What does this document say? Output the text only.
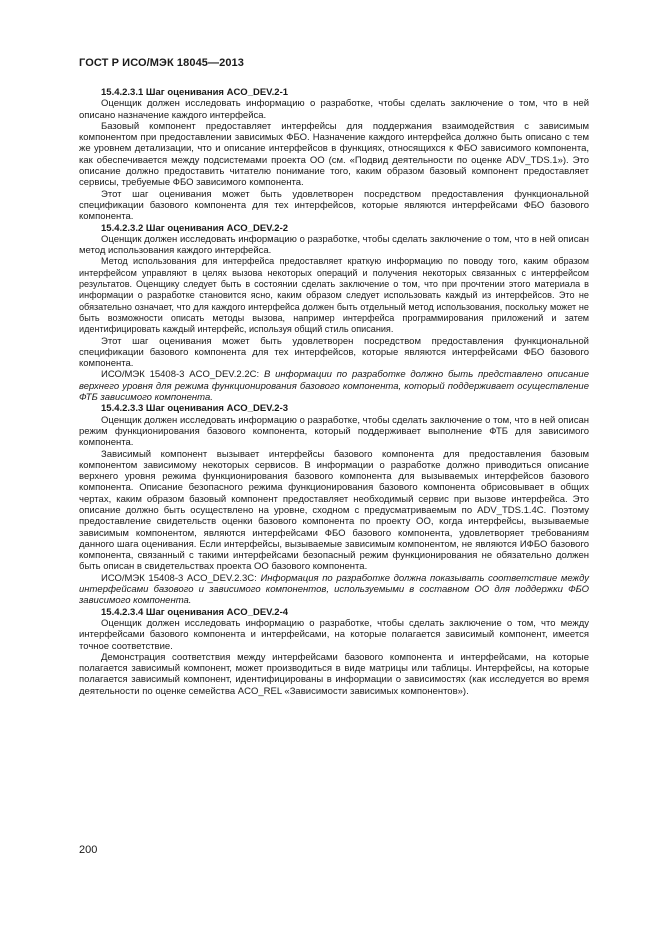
ГОСТ Р ИСО/МЭК 18045—2013

15.4.2.3.1 Шаг оценивания ACO_DEV.2-1

Оценщик должен исследовать информацию о разработке, чтобы сделать заключение о том, что в ней описано назначение каждого интерфейса.

Базовый компонент предоставляет интерфейсы для поддержания взаимодействия с зависимым компонентом при предоставлении зависимых ФБО. Назначение каждого интерфейса должно быть описано с тем же уровнем детализации, что и описание интерфейсов в функциях, относящихся к ФБО зависимого компонента, как обеспечивается между подсистемами проекта ОО (см. «Подвид деятельности по оценке ADV_TDS.1»). Это описание должно предоставить читателю понимание того, каким образом базовый компонент предоставляет сервисы, требуемые ФБО зависимого компонента.

Этот шаг оценивания может быть удовлетворен посредством предоставления функциональной спецификации базового компонента для тех интерфейсов, которые являются интерфейсами ФБО базового компонента.

15.4.2.3.2 Шаг оценивания ACO_DEV.2-2

Оценщик должен исследовать информацию о разработке, чтобы сделать заключение о том, что в ней описан метод использования каждого интерфейса.

Метод использования для интерфейса предоставляет краткую информацию по поводу того, каким образом интерфейсом управляют в целях вызова некоторых операций и получения некоторых связанных с интерфейсом результатов. Оценщику следует быть в состоянии сделать заключение о том, что при прочтении этого материала в информации о разработке становится ясно, каким образом следует использовать каждый из интерфейсов. Это не обязательно означает, что для каждого интерфейса должен быть отдельный метод использования, поскольку может не быть возможности описать методы вызова, например интерфейса программирования приложений и затем идентифицировать каждый интерфейс, используя общий стиль описания.

Этот шаг оценивания может быть удовлетворен посредством предоставления функциональной спецификации базового компонента для тех интерфейсов, которые являются интерфейсами ФБО базового компонента.

ИСО/МЭК 15408-3 ACO_DEV.2.2C: В информации по разработке должно быть представлено описание верхнего уровня для режима функционирования базового компонента, который поддерживает осуществление ФТБ зависимого компонента.

15.4.2.3.3 Шаг оценивания ACO_DEV.2-3

Оценщик должен исследовать информацию о разработке, чтобы сделать заключение о том, что в ней описан режим функционирования базового компонента, который поддерживает выполнение ФТБ для зависимого компонента.

Зависимый компонент вызывает интерфейсы базового компонента для предоставления базовым компонентом зависимому некоторых сервисов. В информации о разработке должно приводиться описание верхнего уровня режима функционирования базового компонента для вызываемых интерфейсов базового компонента. Описание безопасного режима функционирования базового компонента обрисовывает в общих чертах, каким образом базовый компонент предоставляет необходимый сервис при вызове интерфейса. Это описание должно быть осуществлено на уровне, сходном с предусматриваемым по ADV_TDS.1.4C. Поэтому предоставление свидетельств оценки базового компонента по проекту ОО, когда интерфейсы, вызываемые зависимым компонентом, являются интерфейсами ФБО базового компонента, удовлетворяет требованиям данного шага оценивания. Если интерфейсы, вызываемые зависимым компонентом, не являются ИФБО базового компонента, связанный с такими интерфейсами безопасный режим функционирования не обязательно должен быть описан в свидетельствах проекта ОО базового компонента.

ИСО/МЭК 15408-3 ACO_DEV.2.3C: Информация по разработке должна показывать соответствие между интерфейсами базового и зависимого компонентов, используемыми в составном ОО для поддержки ФБО зависимого компонента.

15.4.2.3.4 Шаг оценивания ACO_DEV.2-4

Оценщик должен исследовать информацию о разработке, чтобы сделать заключение о том, что между интерфейсами базового компонента и интерфейсами, на которые полагается зависимый компонент, имеется точное соответствие.

Демонстрация соответствия между интерфейсами базового компонента и интерфейсами, на которые полагается зависимый компонент, может производиться в виде матрицы или таблицы. Интерфейсы, на которые полагается зависимый компонент, идентифицированы в информации о зависимостях (как исследуется во время деятельности по оценке семейства ACO_REL «Зависимости зависимых компонентов»).

200
